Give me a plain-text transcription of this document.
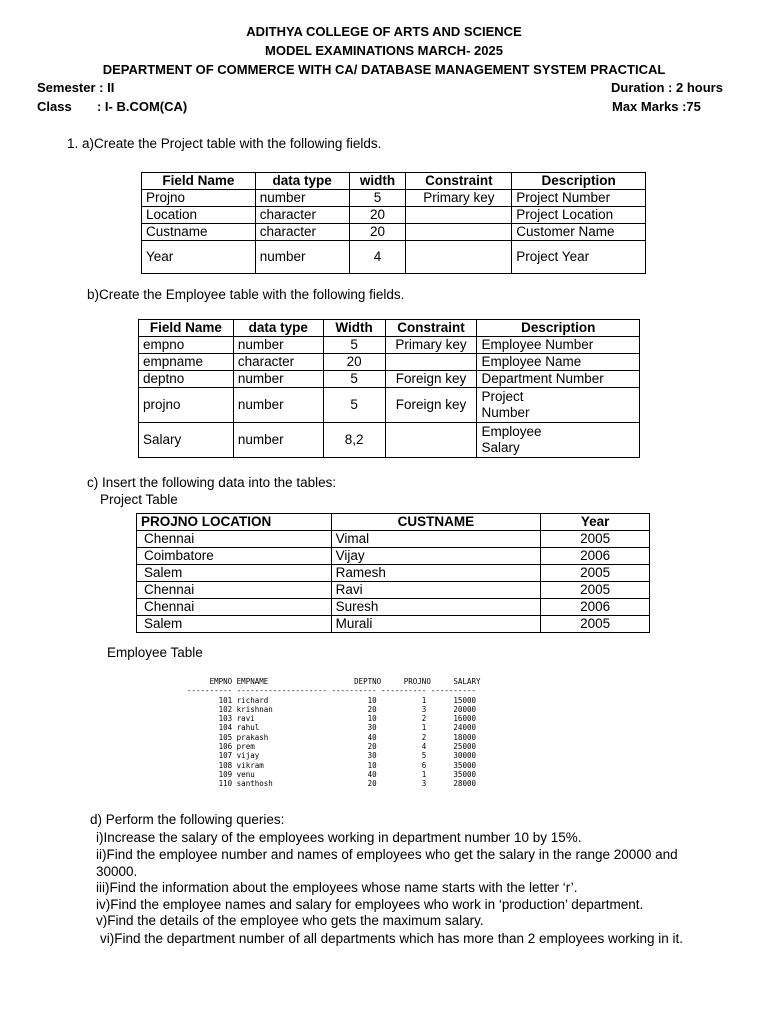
ADITHYA COLLEGE OF ARTS AND SCIENCE
MODEL EXAMINATIONS MARCH- 2025
DEPARTMENT OF COMMERCE WITH CA/ DATABASE MANAGEMENT SYSTEM PRACTICAL
Semester : II	Duration : 2 hours
Class       : I- B.COM(CA)	Max Marks :75
1. a)Create the Project table with the following fields.
Field Name	data type	width	Constraint	Description
Projno	number	5	Primary key	Project Number
Location	character	20		Project Location
Custname	character	20		Customer Name
Year	number	4		Project Year
b)Create the Employee table with the following fields.
Field Name	data type	Width	Constraint	Description
empno	number	5	Primary key	Employee Number
empname	character	20		Employee Name
deptno	number	5	Foreign key	Department Number
projno	number	5	Foreign key	Project
Number
Salary	number	8,2		Employee
Salary
c) Insert the following data into the tables:
Project Table
PROJNO LOCATION	CUSTNAME	Year
Chennai	Vimal	2005
Coimbatore	Vijay	2006
Salem	Ramesh	2005
Chennai	Ravi	2005
Chennai	Suresh	2006
Salem	Murali	2005
Employee Table
EMPNO EMPNAME                   DEPTNO     PROJNO     SALARY
---------- -------------------- ---------- ---------- ----------
101 richard                      10          1      15000
102 krishnan                     20          3      20000
103 ravi                         10          2      16000
104 rahul                        30          1      24000
105 prakash                      40          2      18000
106 prem                         20          4      25000
107 vijay                        30          5      30000
108 vikram                       10          6      35000
109 venu                         40          1      35000
110 santhosh                     20          3      28000
d) Perform the following queries:
i)Increase the salary of the employees working in department number 10 by 15%.
ii)Find the employee number and names of employees who get the salary in the range 20000 and
30000.
iii)Find the information about the employees whose name starts with the letter ‘r’.
iv)Find the employee names and salary for employees who work in ‘production’ department.
v)Find the details of the employee who gets the maximum salary.
vi)Find the department number of all departments which has more than 2 employees working in it.
